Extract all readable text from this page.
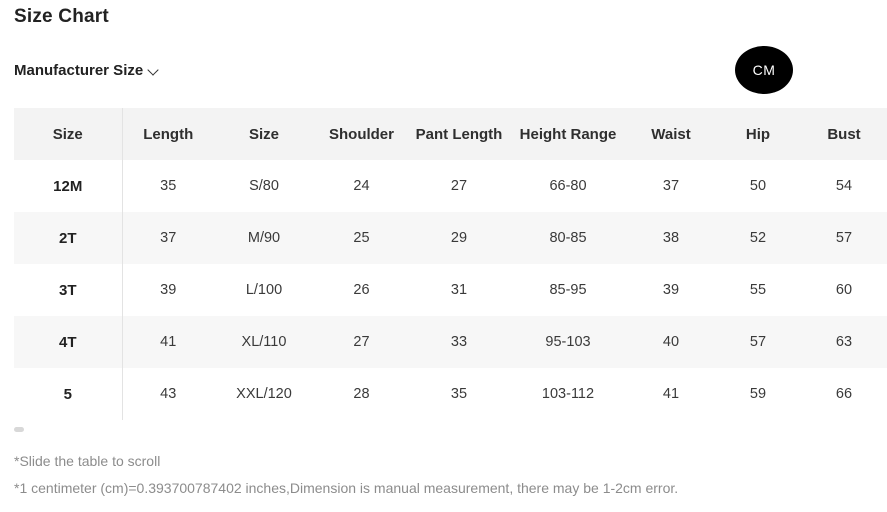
Size Chart
Manufacturer Size	CM
Size	Length	Size	Shoulder	Pant Length	Height Range	Waist	Hip	Bust
12M	35	S/80	24	27	66-80	37	50	54
2T	37	M/90	25	29	80-85	38	52	57
3T	39	L/100	26	31	85-95	39	55	60
4T	41	XL/110	27	33	95-103	40	57	63
5	43	XXL/120	28	35	103-112	41	59	66
*Slide the table to scroll
*1 centimeter (cm)=0.393700787402 inches,Dimension is manual measurement, there may be 1-2cm error.
